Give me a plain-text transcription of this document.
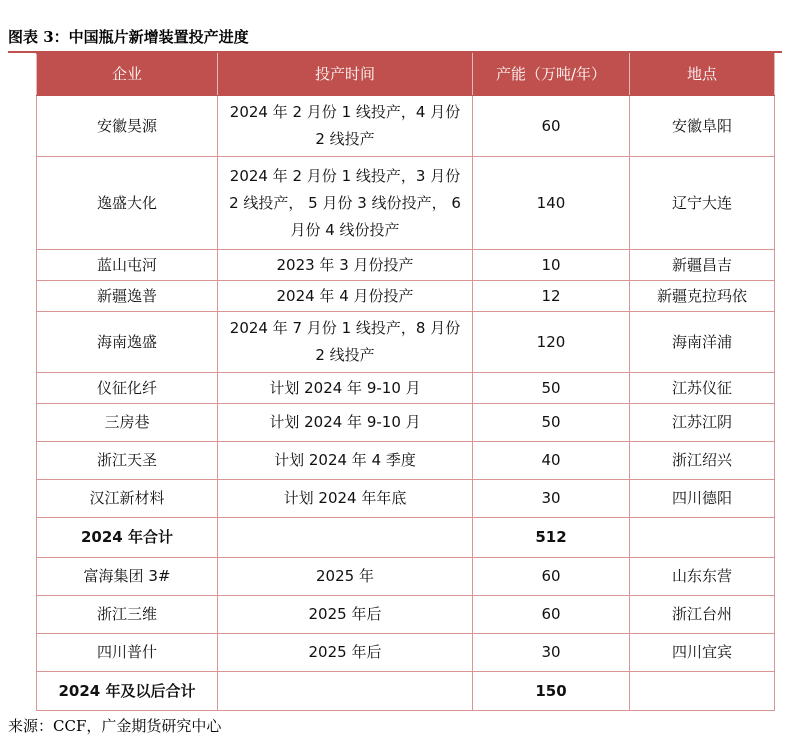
图表 3：中国瓶片新增装置投产进度
企业	投产时间	产能（万吨/年）	地点
安徽昊源	2024 年 2 月份 1 线投产，4 月份 2 线投产	60	安徽阜阳
逸盛大化	2024 年 2 月份 1 线投产，3 月份 2 线投产， 5 月份 3 线份投产， 6 月份 4 线份投产	140	辽宁大连
蓝山屯河	2023 年 3 月份投产	10	新疆昌吉
新疆逸普	2024 年 4 月份投产	12	新疆克拉玛依
海南逸盛	2024 年 7 月份 1 线投产，8 月份 2 线投产	120	海南洋浦
仪征化纤	计划 2024 年 9-10 月	50	江苏仪征
三房巷	计划 2024 年 9-10 月	50	江苏江阴
浙江天圣	计划 2024 年 4 季度	40	浙江绍兴
汉江新材料	计划 2024 年年底	30	四川德阳
2024 年合计		512	
富海集团 3#	2025 年	60	山东东营
浙江三维	2025 年后	60	浙江台州
四川普什	2025 年后	30	四川宜宾
2024 年及以后合计		150	
来源：CCF，广金期货研究中心
